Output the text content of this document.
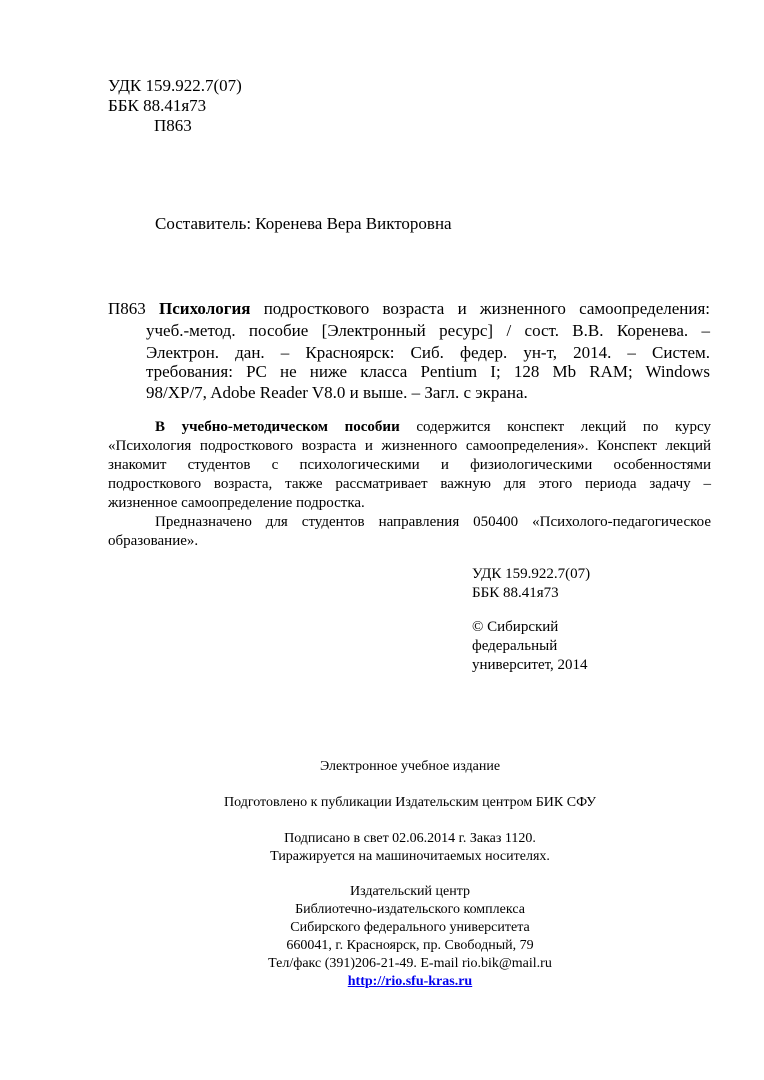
УДК 159.922.7(07)
ББК 88.41я73
П863
Составитель: Коренева Вера Викторовна
П863 Психология подросткового возраста и жизненного самоопределения:
учеб.-метод. пособие [Электронный ресурс] / сост. В.В. Коренева. –
Электрон. дан. – Красноярск: Сиб. федер. ун-т, 2014. – Систем.
требования: PC не ниже класса Pentium I; 128 Mb RAM; Windows
98/XP/7, Adobe Reader V8.0 и выше. – Загл. с экрана.
В учебно-методическом пособии содержится конспект лекций по курсу
«Психология подросткового возраста и жизненного самоопределения». Конспект лекций
знакомит студентов с психологическими и физиологическими особенностями
подросткового возраста, также рассматривает важную для этого периода задачу –
жизненное самоопределение подростка.
Предназначено для студентов направления 050400 «Психолого-педагогическое
образование».
УДК 159.922.7(07)
ББК 88.41я73
© Сибирский
федеральный
университет, 2014
Электронное учебное издание
Подготовлено к публикации Издательским центром БИК СФУ
Подписано в свет 02.06.2014 г. Заказ 1120.
Тиражируется на машиночитаемых носителях.
Издательский центр
Библиотечно-издательского комплекса
Сибирского федерального университета
660041, г. Красноярск, пр. Свободный, 79
Тел/факс (391)206-21-49. E-mail rio.bik@mail.ru
http://rio.sfu-kras.ru
